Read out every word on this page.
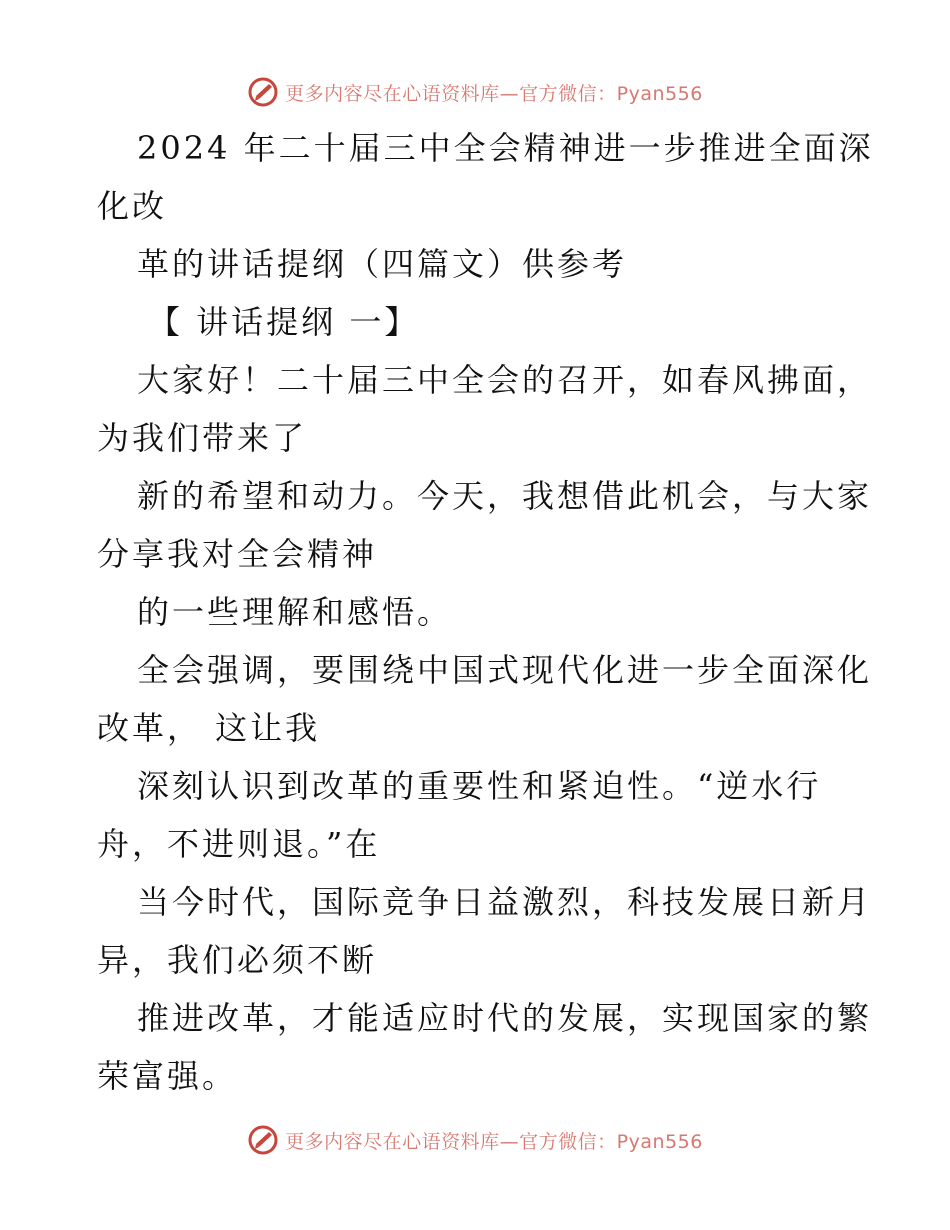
更多内容尽在心语资料库—官方微信：Pyan556
2024 年二十届三中全会精神进一步推进全面深
化改
革的讲话提纲（四篇文）供参考
【 讲话提纲 一】
大家好！二十届三中全会的召开，如春风拂面，
为我们带来了
新的希望和动力。今天，我想借此机会，与大家
分享我对全会精神
的一些理解和感悟。
全会强调，要围绕中国式现代化进一步全面深化
改革， 这让我
深刻认识到改革的重要性和紧迫性。“逆水行
舟，不进则退。”在
当今时代，国际竞争日益激烈，科技发展日新月
异，我们必须不断
推进改革，才能适应时代的发展，实现国家的繁
荣富强。
更多内容尽在心语资料库—官方微信：Pyan556
